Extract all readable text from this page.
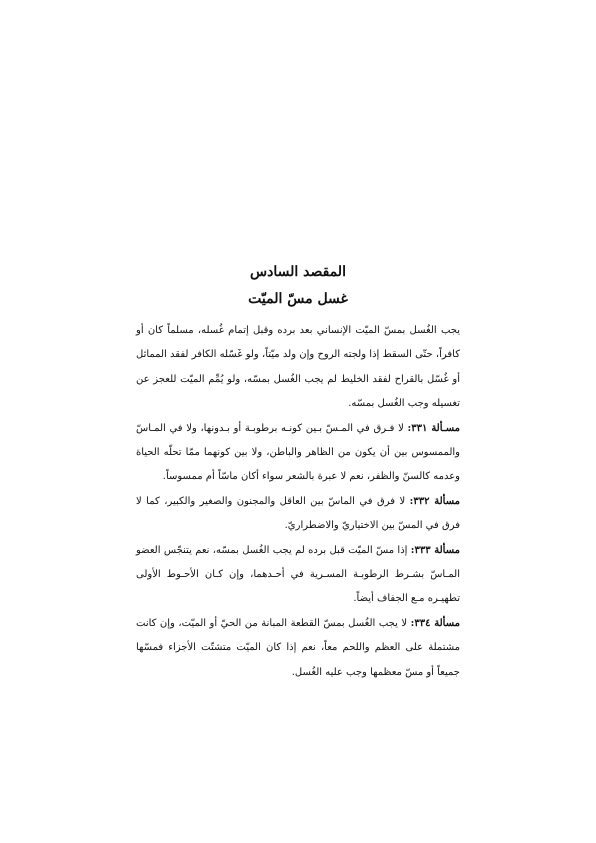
المقصد السادس
غسل مسّ الميّت

يجب الغُسل بمسّ الميّت الإنساني بعد برده وقبل إتمام غُسله، مسلماً كان أو كافراً، حتّى السقط إذا ولجته الروح وإن ولد ميّتاً، ولو غَسّله الكافر لفقد المماثل أو غُسّل بالقراح لفقد الخليط لم يجب الغُسل بمسّه، ولو يُمِّم الميّت للعجز عن تغسيله وجب الغُسل بمسّه.

مسـألة ٣٣١: لا فـرق في المـسّ بـين كونـه برطوبـة أو بـدونها، ولا في المـاسّ والممسوس بين أن يكون من الظاهر والباطن، ولا بين كونهما ممّا تحلّه الحياة وعدمه كالسنّ والظفر، نعم لا عبرة بالشعر سواء أكان ماسّاً أم ممسوساً.

مسألة ٣٣٢: لا فرق في الماسّ بين العاقل والمجنون والصغير والكبير، كما لا فرق في المسّ بين الاختياريّ والاضطراريّ.

مسألة ٣٣٣: إذا مسّ الميّت قبل برده لم يجب الغُسل بمسّه، نعم يتنجّس العضو المـاسّ بشـرط الرطوبـة المسـرية في أحـدهما، وإن كـان الأحـوط الأولى تطهيـره مـع الجفاف أيضاً.

مسألة ٣٣٤: لا يجب الغُسل بمسّ القطعة المبانة من الحيّ أو الميّت، وإن كانت مشتملة على العظم واللحم معاً، نعم إذا كان الميّت متشتّت الأجزاء فمسّها جميعاً أو مسّ معظمها وجب عليه الغُسل.
